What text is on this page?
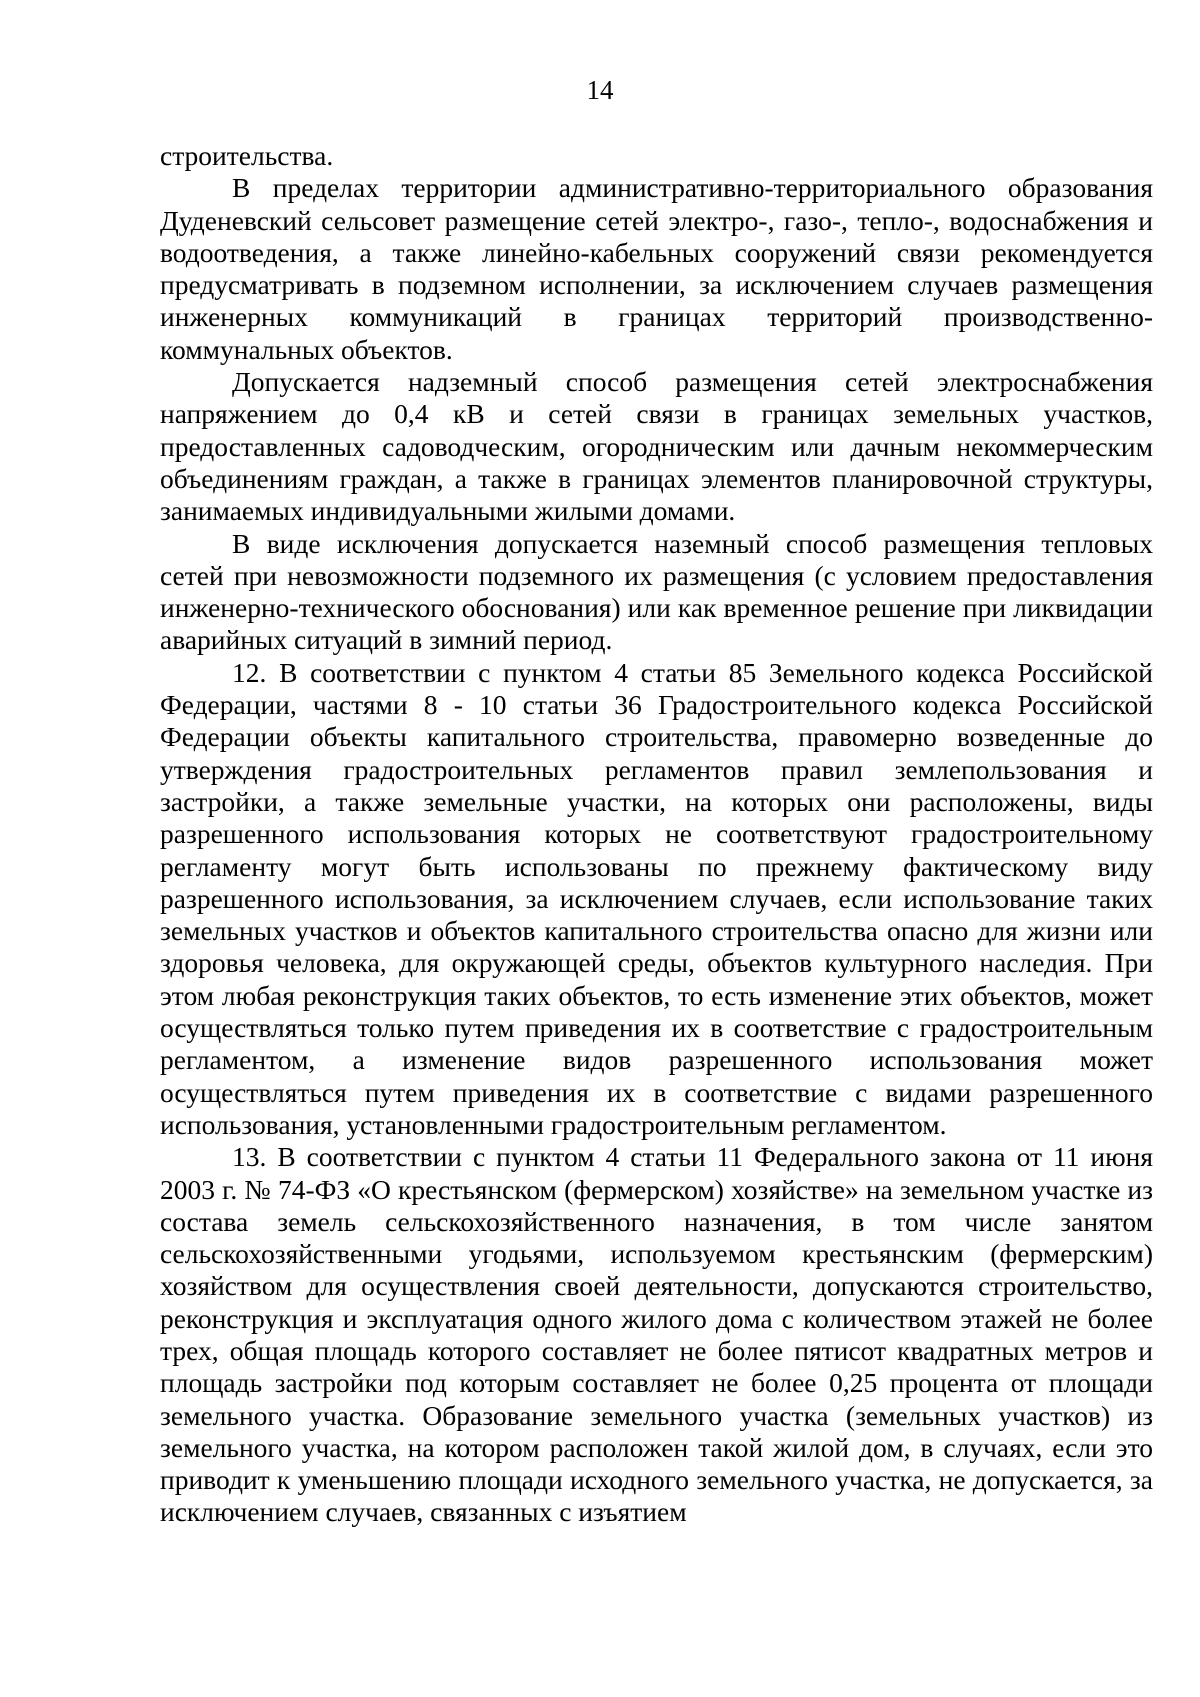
14

строительства.

В пределах территории административно-территориального образования Дуденевский сельсовет размещение сетей электро-, газо-, тепло-, водоснабжения и водоотведения, а также линейно-кабельных сооружений связи рекомендуется предусматривать в подземном исполнении, за исключением случаев размещения инженерных коммуникаций в границах территорий производственно-коммунальных объектов.

Допускается надземный способ размещения сетей электроснабжения напряжением до 0,4 кВ и сетей связи в границах земельных участков, предоставленных садоводческим, огородническим или дачным некоммерческим объединениям граждан, а также в границах элементов планировочной структуры, занимаемых индивидуальными жилыми домами.

В виде исключения допускается наземный способ размещения тепловых сетей при невозможности подземного их размещения (с условием предоставления инженерно-технического обоснования) или как временное решение при ликвидации аварийных ситуаций в зимний период.

12. В соответствии с пунктом 4 статьи 85 Земельного кодекса Российской Федерации, частями 8 - 10 статьи 36 Градостроительного кодекса Российской Федерации объекты капитального строительства, правомерно возведенные до утверждения градостроительных регламентов правил землепользования и застройки, а также земельные участки, на которых они расположены, виды разрешенного использования которых не соответствуют градостроительному регламенту могут быть использованы по прежнему фактическому виду разрешенного использования, за исключением случаев, если использование таких земельных участков и объектов капитального строительства опасно для жизни или здоровья человека, для окружающей среды, объектов культурного наследия. При этом любая реконструкция таких объектов, то есть изменение этих объектов, может осуществляться только путем приведения их в соответствие с градостроительным регламентом, а изменение видов разрешенного использования может осуществляться путем приведения их в соответствие с видами разрешенного использования, установленными градостроительным регламентом.

13. В соответствии с пунктом 4 статьи 11 Федерального закона от 11 июня 2003 г. № 74-ФЗ «О крестьянском (фермерском) хозяйстве» на земельном участке из состава земель сельскохозяйственного назначения, в том числе занятом сельскохозяйственными угодьями, используемом крестьянским (фермерским) хозяйством для осуществления своей деятельности, допускаются строительство, реконструкция и эксплуатация одного жилого дома с количеством этажей не более трех, общая площадь которого составляет не более пятисот квадратных метров и площадь застройки под которым составляет не более 0,25 процента от площади земельного участка. Образование земельного участка (земельных участков) из земельного участка, на котором расположен такой жилой дом, в случаях, если это приводит к уменьшению площади исходного земельного участка, не допускается, за исключением случаев, связанных с изъятием
